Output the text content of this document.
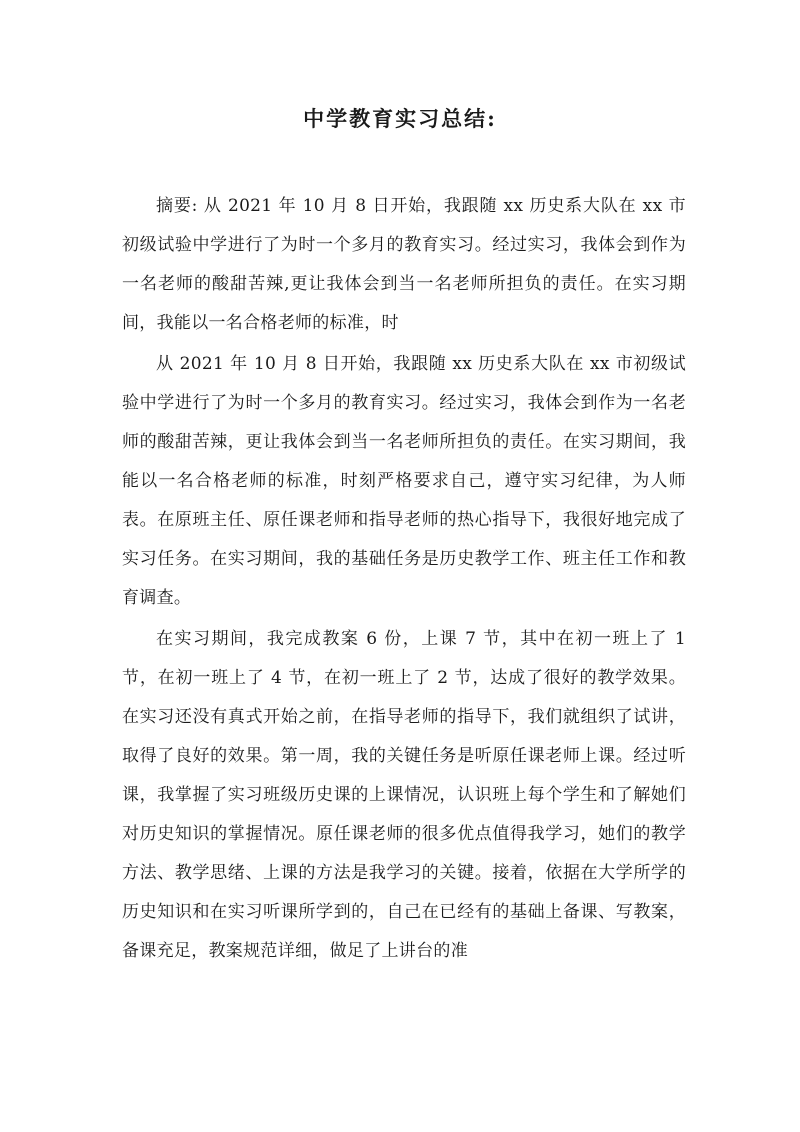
中学教育实习总结:

摘要: 从 2021 年 10 月 8 日开始，我跟随 xx 历史系大队在 xx 市初级试验中学进行了为时一个多月的教育实习。经过实习，我体会到作为一名老师的酸甜苦辣,更让我体会到当一名老师所担负的责任。在实习期间，我能以一名合格老师的标准，时

从 2021 年 10 月 8 日开始，我跟随 xx 历史系大队在 xx 市初级试验中学进行了为时一个多月的教育实习。经过实习，我体会到作为一名老师的酸甜苦辣，更让我体会到当一名老师所担负的责任。在实习期间，我能以一名合格老师的标准，时刻严格要求自己，遵守实习纪律，为人师表。在原班主任、原任课老师和指导老师的热心指导下，我很好地完成了实习任务。在实习期间，我的基础任务是历史教学工作、班主任工作和教育调查。

在实习期间，我完成教案 6 份，上课 7 节，其中在初一班上了 1 节，在初一班上了 4 节，在初一班上了 2 节，达成了很好的教学效果。在实习还没有真式开始之前，在指导老师的指导下，我们就组织了试讲，取得了良好的效果。第一周，我的关键任务是听原任课老师上课。经过听课，我掌握了实习班级历史课的上课情况，认识班上每个学生和了解她们对历史知识的掌握情况。原任课老师的很多优点值得我学习，她们的教学方法、教学思绪、上课的方法是我学习的关键。接着，依据在大学所学的历史知识和在实习听课所学到的，自己在已经有的基础上备课、写教案，备课充足，教案规范详细，做足了上讲台的准
